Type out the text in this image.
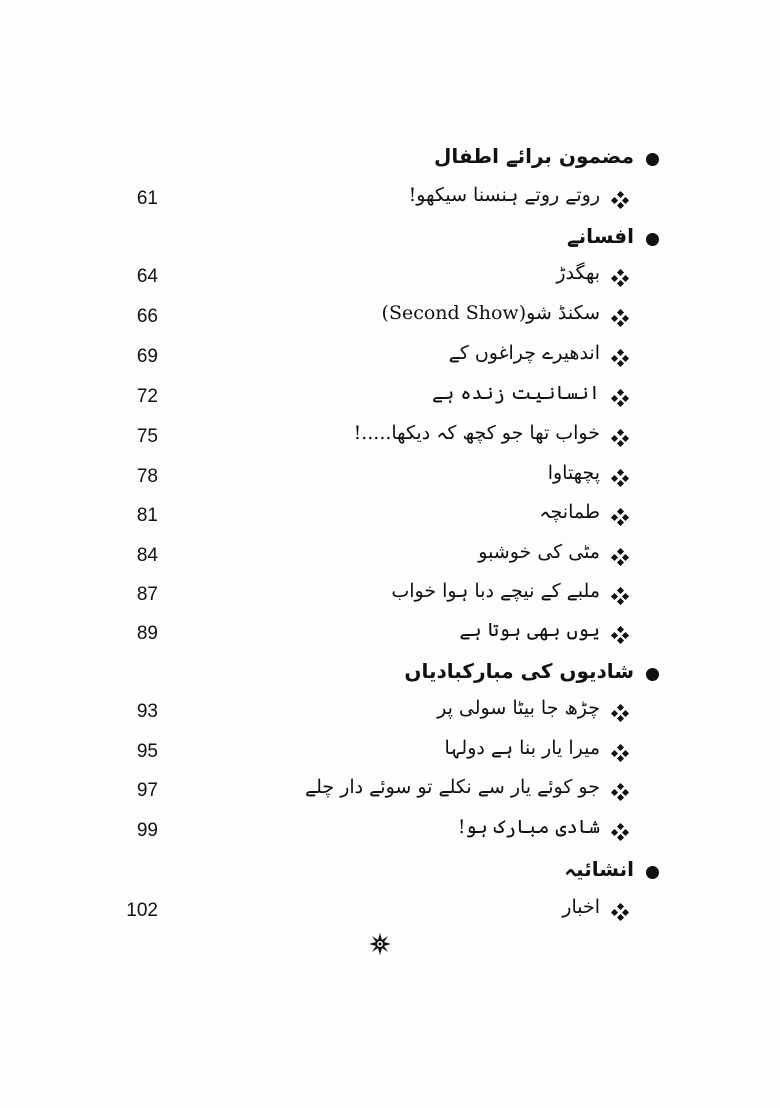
مضمون برائے اطفال
61	روتے روتے ہنسنا سیکھو!
افسانے
64	بھگدڑ
66	سکنڈ شو(Second Show)
69	اندھیرے چراغوں کے
72	انسانیت زندہ ہے
75	خواب تھا جو کچھ کہ دیکھا.....!
78	پچھتاوا
81	طمانچہ
84	مٹی کی خوشبو
87	ملبے کے نیچے دبا ہوا خواب
89	یوں بھی ہوتا ہے
شادیوں کی مبارکبادیاں
93	چڑھ جا بیٹا سولی پر
95	میرا یار بنا ہے دولہا
97	جو کوئے یار سے نکلے تو سوئے دار چلے
99	شادی مبارک ہو!
انشائیہ
102	اخبار
